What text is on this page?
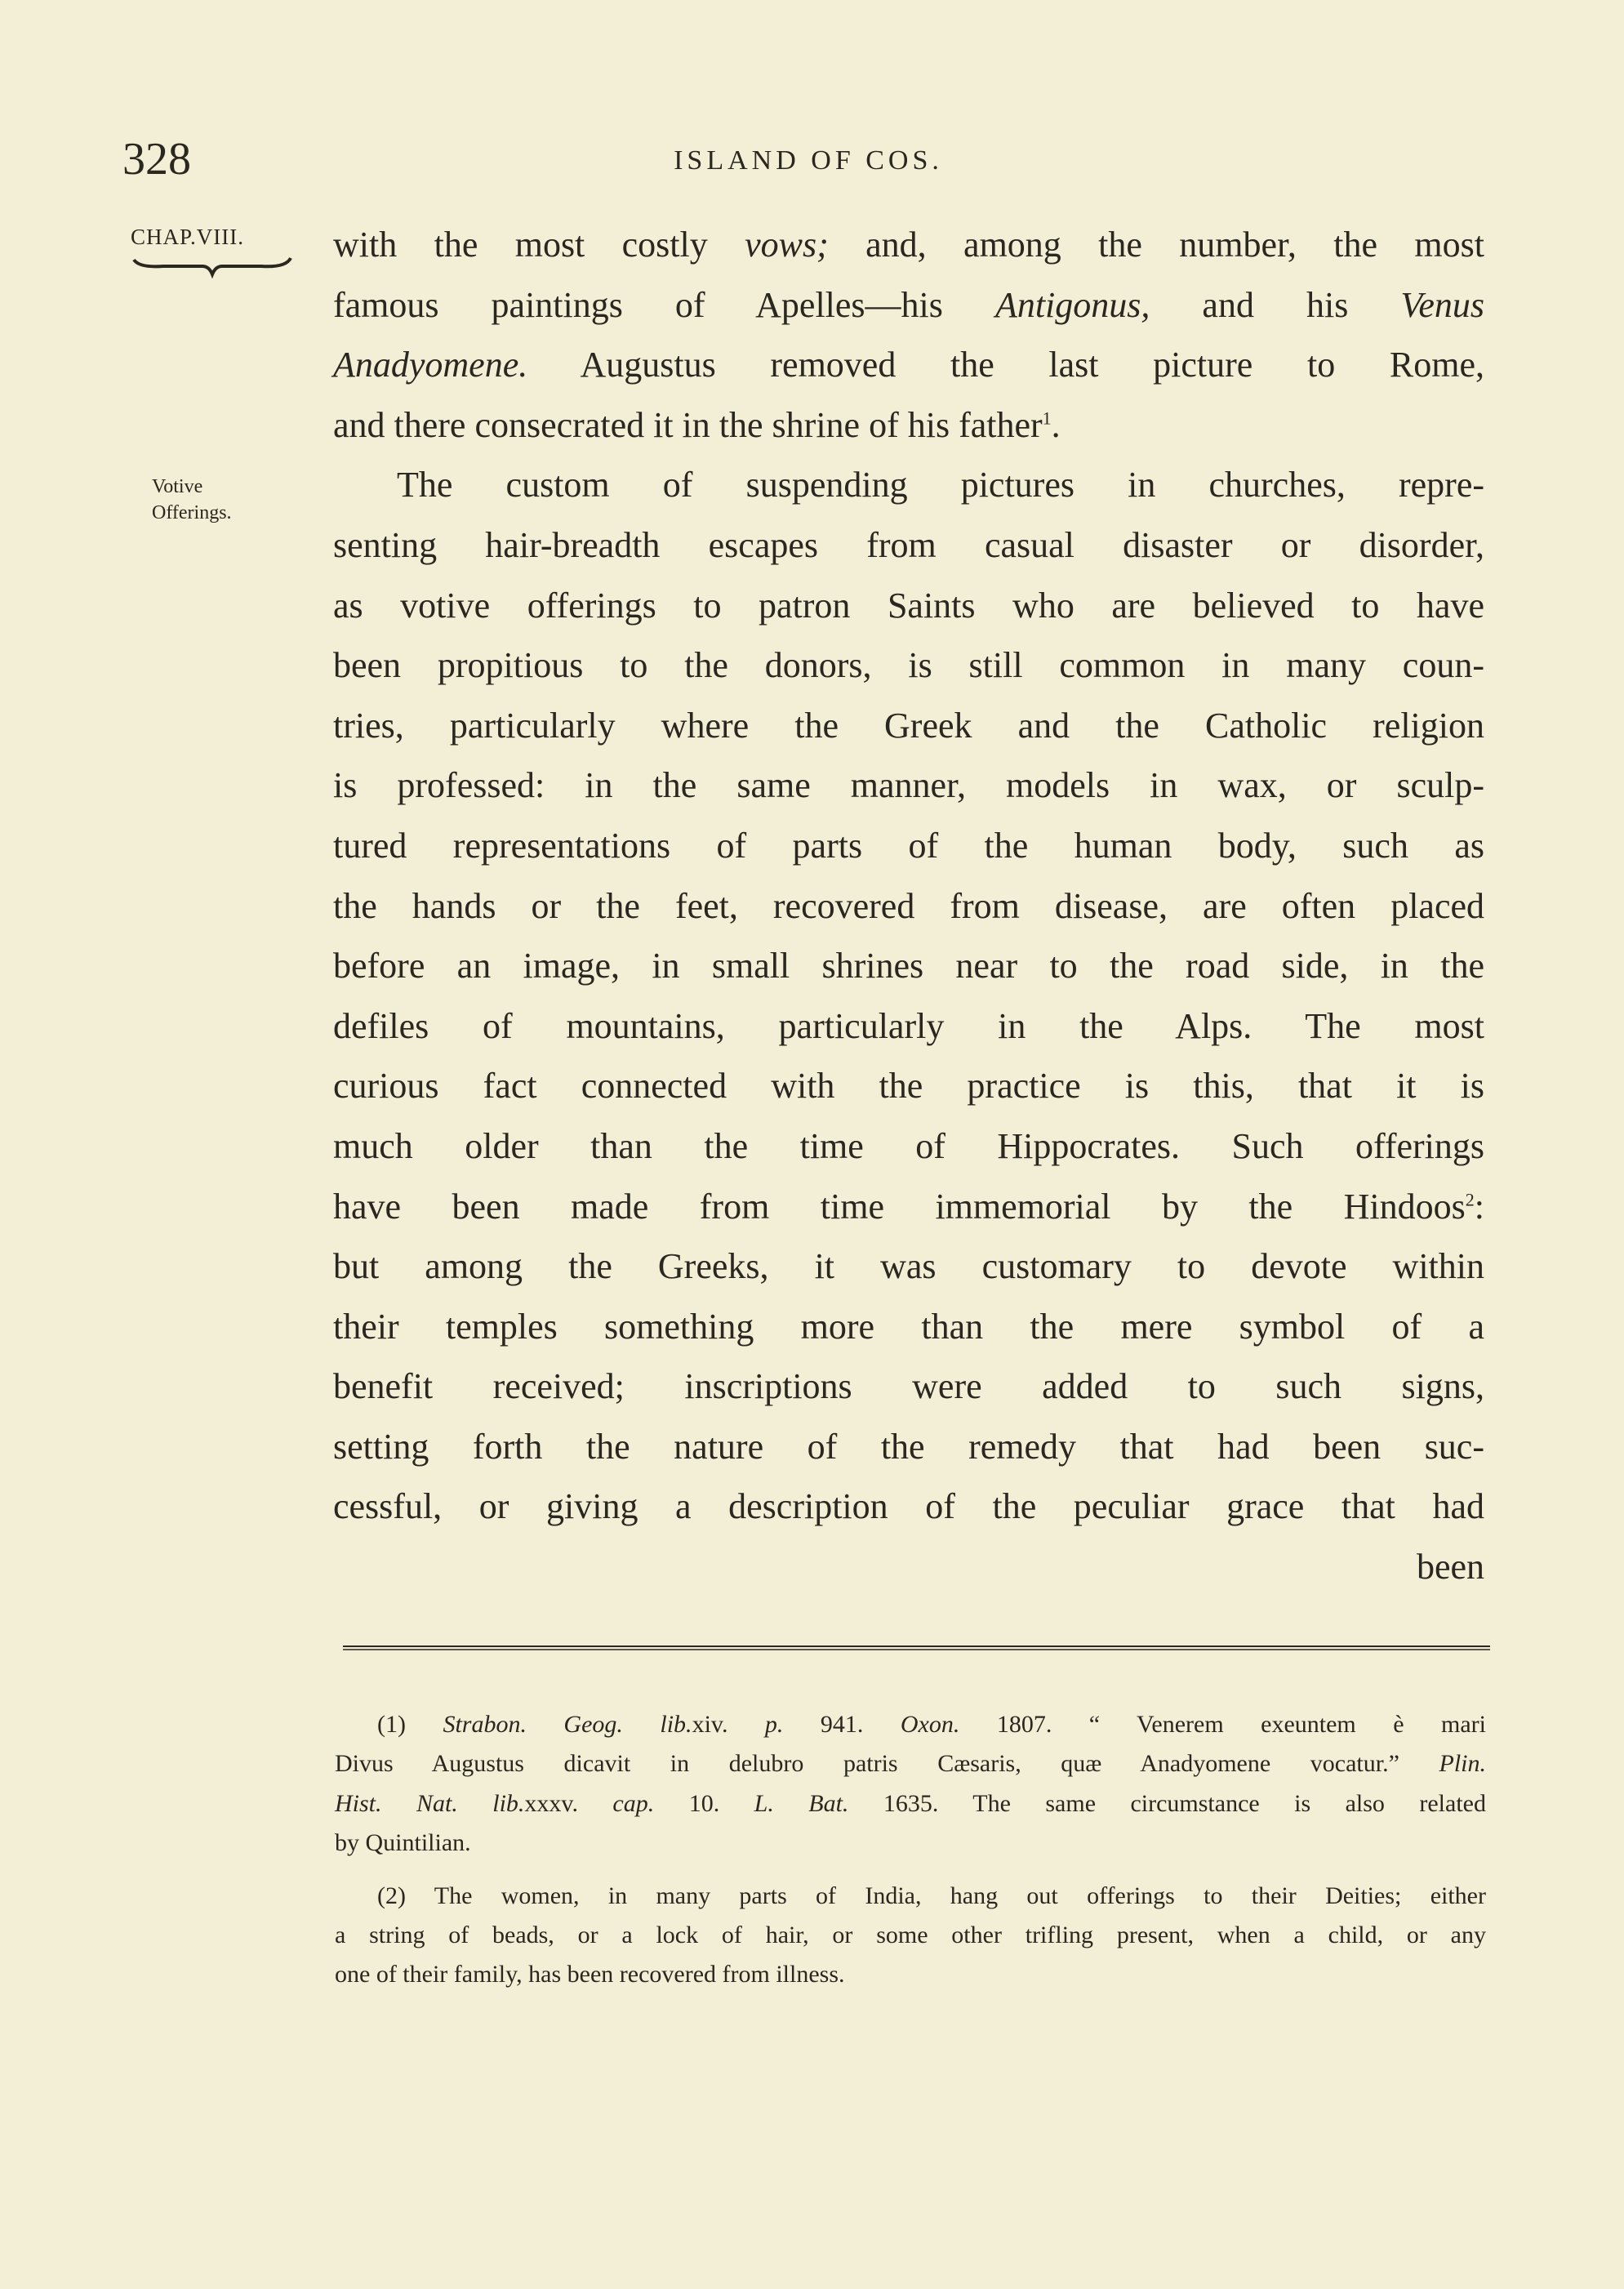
328	ISLAND OF COS.
CHAP.VIII.
Votive
Offerings.
with the most costly vows; and, among the number, the most
famous paintings of Apelles—his Antigonus, and his Venus
Anadyomene. Augustus removed the last picture to Rome,
and there consecrated it in the shrine of his father$^1$.
The custom of suspending pictures in churches, repre-
senting hair-breadth escapes from casual disaster or disorder,
as votive offerings to patron Saints who are believed to have
been propitious to the donors, is still common in many coun-
tries, particularly where the Greek and the Catholic religion
is professed: in the same manner, models in wax, or sculp-
tured representations of parts of the human body, such as
the hands or the feet, recovered from disease, are often placed
before an image, in small shrines near to the road side, in the
defiles of mountains, particularly in the Alps. The most
curious fact connected with the practice is this, that it is
much older than the time of Hippocrates. Such offerings
have been made from time immemorial by the Hindoos$^2$:
but among the Greeks, it was customary to devote within
their temples something more than the mere symbol of a
benefit received; inscriptions were added to such signs,
setting forth the nature of the remedy that had been suc-
cessful, or giving a description of the peculiar grace that had
been
(1) Strabon. Geog. lib.xiv. p. 941. Oxon. 1807. “ Venerem exeuntem è mari
Divus Augustus dicavit in delubro patris Cæsaris, quæ Anadyomene vocatur.” Plin.
Hist. Nat. lib.xxxv. cap. 10. L. Bat. 1635. The same circumstance is also related
by Quintilian.
(2) The women, in many parts of India, hang out offerings to their Deities; either
a string of beads, or a lock of hair, or some other trifling present, when a child, or any
one of their family, has been recovered from illness.
